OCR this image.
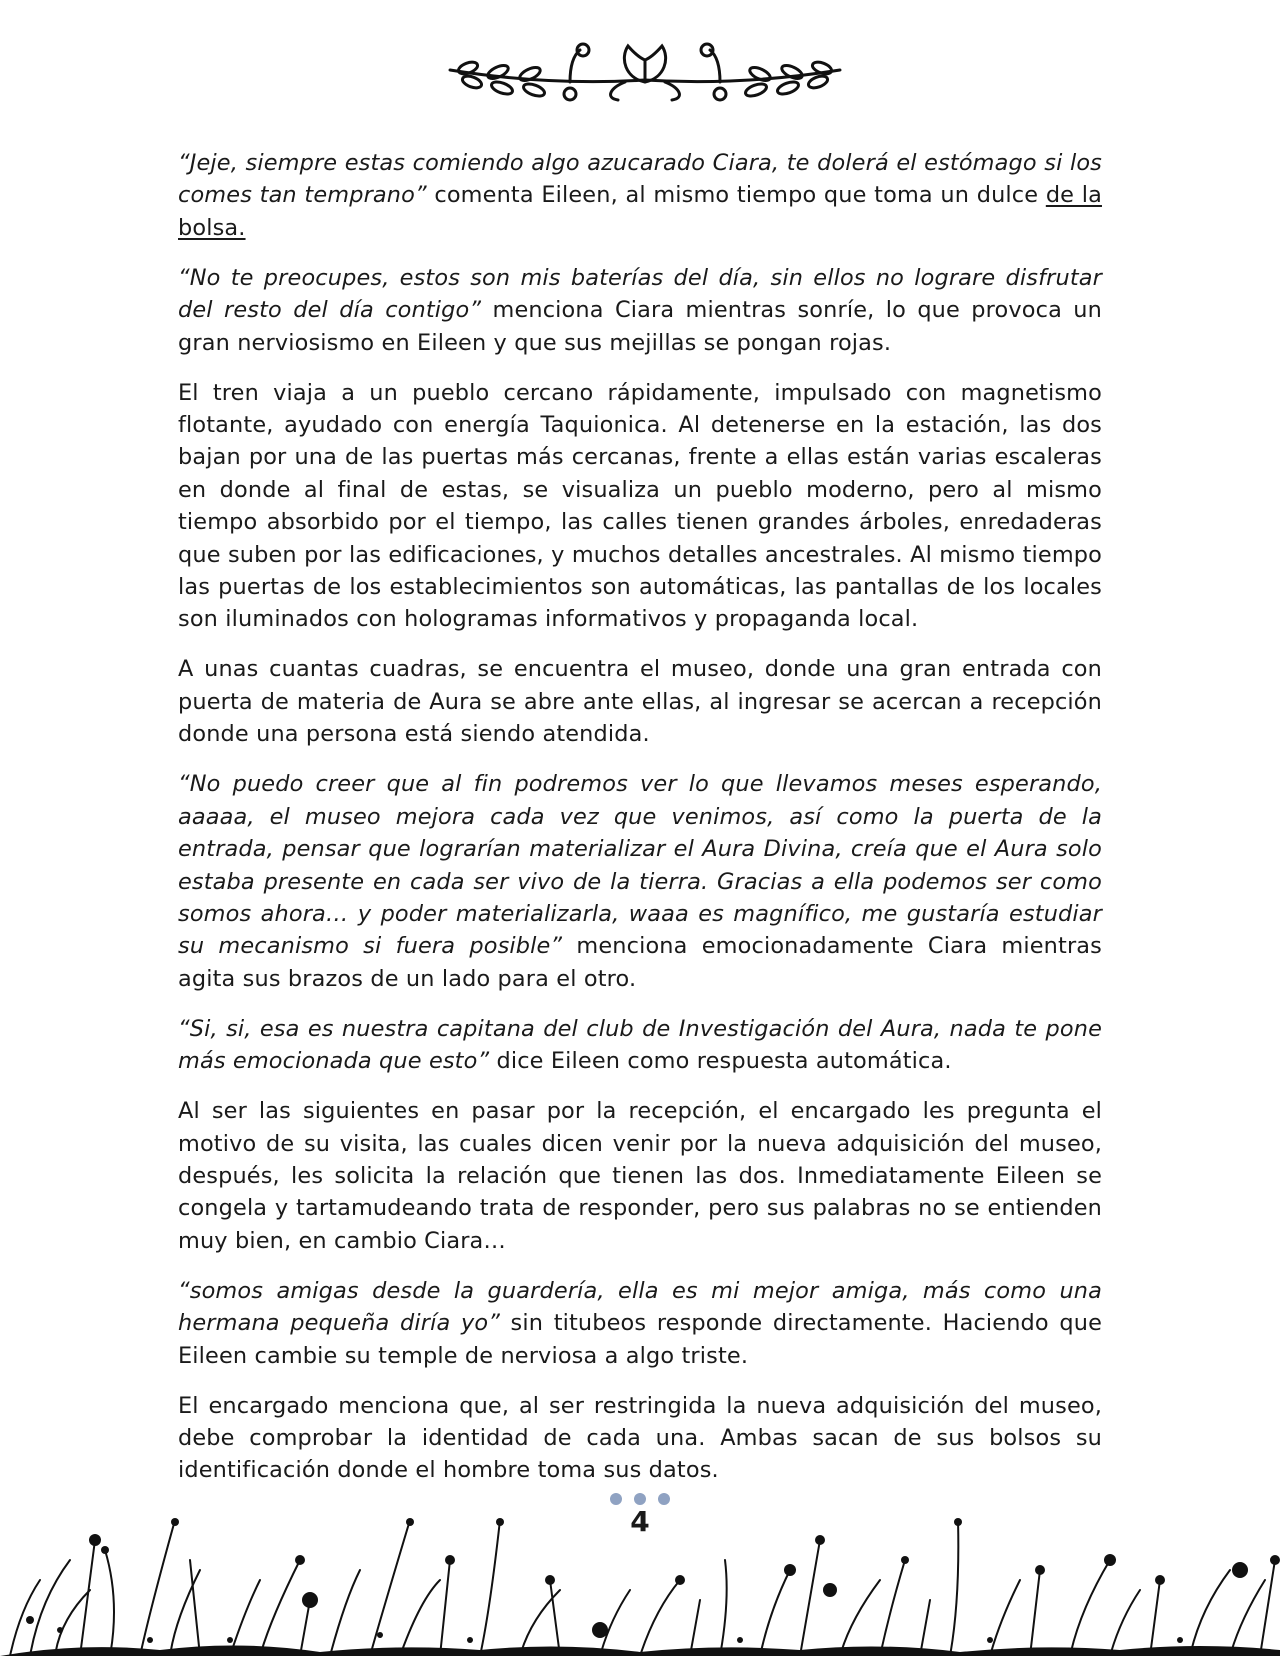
“Jeje, siempre estas comiendo algo azucarado Ciara, te dolerá el estómago si los comes tan temprano” comenta Eileen, al mismo tiempo que toma un dulce de la bolsa.

“No te preocupes, estos son mis baterías del día, sin ellos no lograre disfrutar del resto del día contigo” menciona Ciara mientras sonríe, lo que provoca un gran nerviosismo en Eileen y que sus mejillas se pongan rojas.

El tren viaja a un pueblo cercano rápidamente, impulsado con magnetismo flotante, ayudado con energía Taquionica. Al detenerse en la estación, las dos bajan por una de las puertas más cercanas, frente a ellas están varias escaleras en donde al final de estas, se visualiza un pueblo moderno, pero al mismo tiempo absorbido por el tiempo, las calles tienen grandes árboles, enredaderas que suben por las edificaciones, y muchos detalles ancestrales. Al mismo tiempo las puertas de los establecimientos son automáticas, las pantallas de los locales son iluminados con hologramas informativos y propaganda local.

A unas cuantas cuadras, se encuentra el museo, donde una gran entrada con puerta de materia de Aura se abre ante ellas, al ingresar se acercan a recepción donde una persona está siendo atendida.

“No puedo creer que al fin podremos ver lo que llevamos meses esperando, aaaaa, el museo mejora cada vez que venimos, así como la puerta de la entrada, pensar que lograrían materializar el Aura Divina, creía que el Aura solo estaba presente en cada ser vivo de la tierra. Gracias a ella podemos ser como somos ahora… y poder materializarla, waaa es magnífico, me gustaría estudiar su mecanismo si fuera posible” menciona emocionadamente Ciara mientras agita sus brazos de un lado para el otro.

“Si, si, esa es nuestra capitana del club de Investigación del Aura, nada te pone más emocionada que esto” dice Eileen como respuesta automática.

Al ser las siguientes en pasar por la recepción, el encargado les pregunta el motivo de su visita, las cuales dicen venir por la nueva adquisición del museo, después, les solicita la relación que tienen las dos. Inmediatamente Eileen se congela y tartamudeando trata de responder, pero sus palabras no se entienden muy bien, en cambio Ciara…

“somos amigas desde la guardería, ella es mi mejor amiga, más como una hermana pequeña diría yo” sin titubeos responde directamente. Haciendo que Eileen cambie su temple de nerviosa a algo triste.

El encargado menciona que, al ser restringida la nueva adquisición del museo, debe comprobar la identidad de cada una. Ambas sacan de sus bolsos su identificación donde el hombre toma sus datos.

4
